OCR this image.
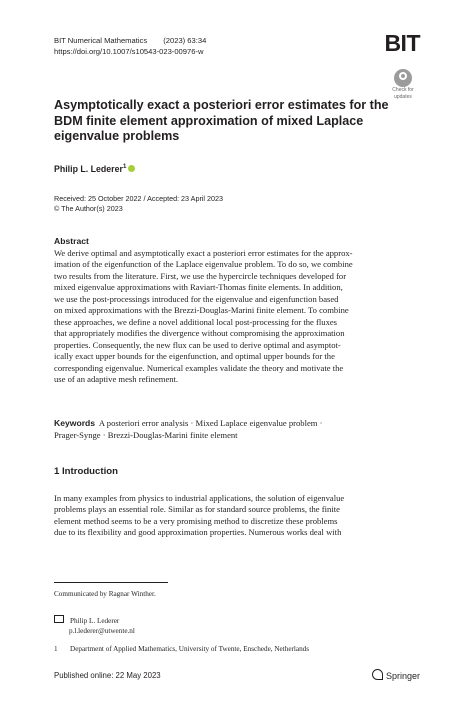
BIT Numerical Mathematics (2023) 63:34
https://doi.org/10.1007/s10543-023-00976-w	BIT
Check for
updates
Asymptotically exact a posteriori error estimates for the
BDM finite element approximation of mixed Laplace
eigenvalue problems
Philip L. Lederer$^1$
Received: 25 October 2022 / Accepted: 23 April 2023
© The Author(s) 2023
Abstract
We derive optimal and asymptotically exact a posteriori error estimates for the approx-
imation of the eigenfunction of the Laplace eigenvalue problem. To do so, we combine
two results from the literature. First, we use the hypercircle techniques developed for
mixed eigenvalue approximations with Raviart-Thomas finite elements. In addition,
we use the post-processings introduced for the eigenvalue and eigenfunction based
on mixed approximations with the Brezzi-Douglas-Marini finite element. To combine
these approaches, we define a novel additional local post-processing for the fluxes
that appropriately modifies the divergence without compromising the approximation
properties. Consequently, the new flux can be used to derive optimal and asymptot-
ically exact upper bounds for the eigenfunction, and optimal upper bounds for the
corresponding eigenvalue. Numerical examples validate the theory and motivate the
use of an adaptive mesh refinement.
Keywords A posteriori error analysis · Mixed Laplace eigenvalue problem ·
Prager-Synge · Brezzi-Douglas-Marini finite element
1 Introduction
In many examples from physics to industrial applications, the solution of eigenvalue
problems plays an essential role. Similar as for standard source problems, the finite
element method seems to be a very promising method to discretize these problems
due to its flexibility and good approximation properties. Numerous works deal with
Communicated by Ragnar Winther.
Philip L. Lederer
p.l.lederer@utwente.nl
1 Department of Applied Mathematics, University of Twente, Enschede, Netherlands
Published online: 22 May 2023	Springer
